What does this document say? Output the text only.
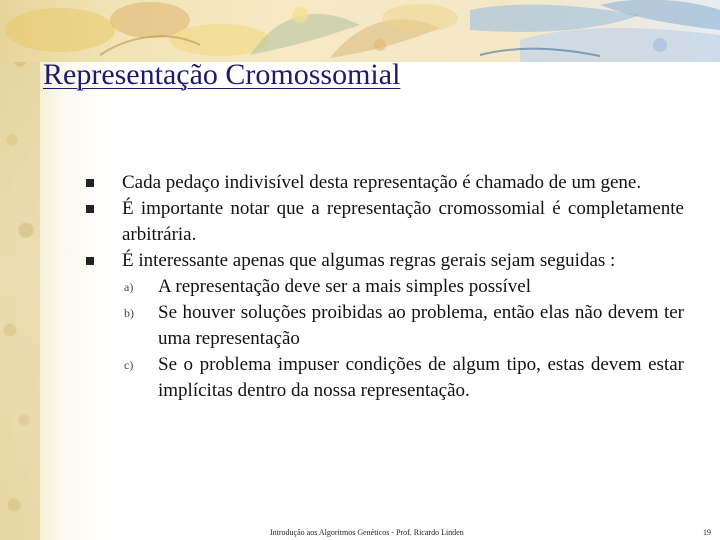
Representação Cromossomial
Cada pedaço indivisível desta representação é chamado de um gene.
É importante notar que a representação cromossomial é completamente arbitrária.
É interessante apenas que algumas regras gerais sejam seguidas :
a) A representação deve ser a mais simples possível
b) Se houver soluções proibidas ao problema, então elas não devem ter uma representação
c) Se o problema impuser condições de algum tipo, estas devem estar implícitas dentro da nossa representação.
Introdução aos Algoritmos Genéticos - Prof. Ricardo Linden	19
